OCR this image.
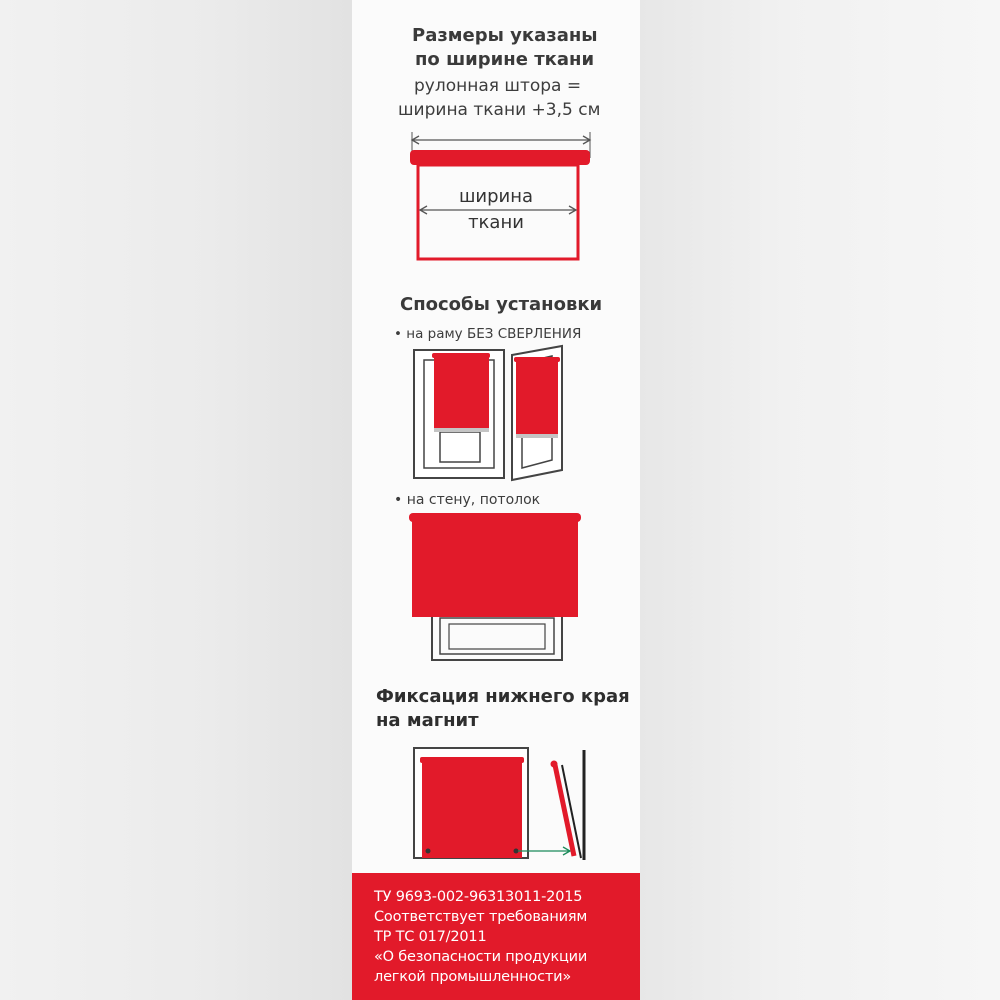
Размеры указаны
по ширине ткани
рулонная штора =
ширина ткани +3,5 см
ширина
ткани
Способы установки
• на раму БЕЗ СВЕРЛЕНИЯ
• на стену, потолок
Фиксация нижнего края
на магнит
ТУ 9693-002-96313011-2015
Соответствует требованиям
ТР ТС 017/2011
«О безопасности продукции
легкой промышленности»
